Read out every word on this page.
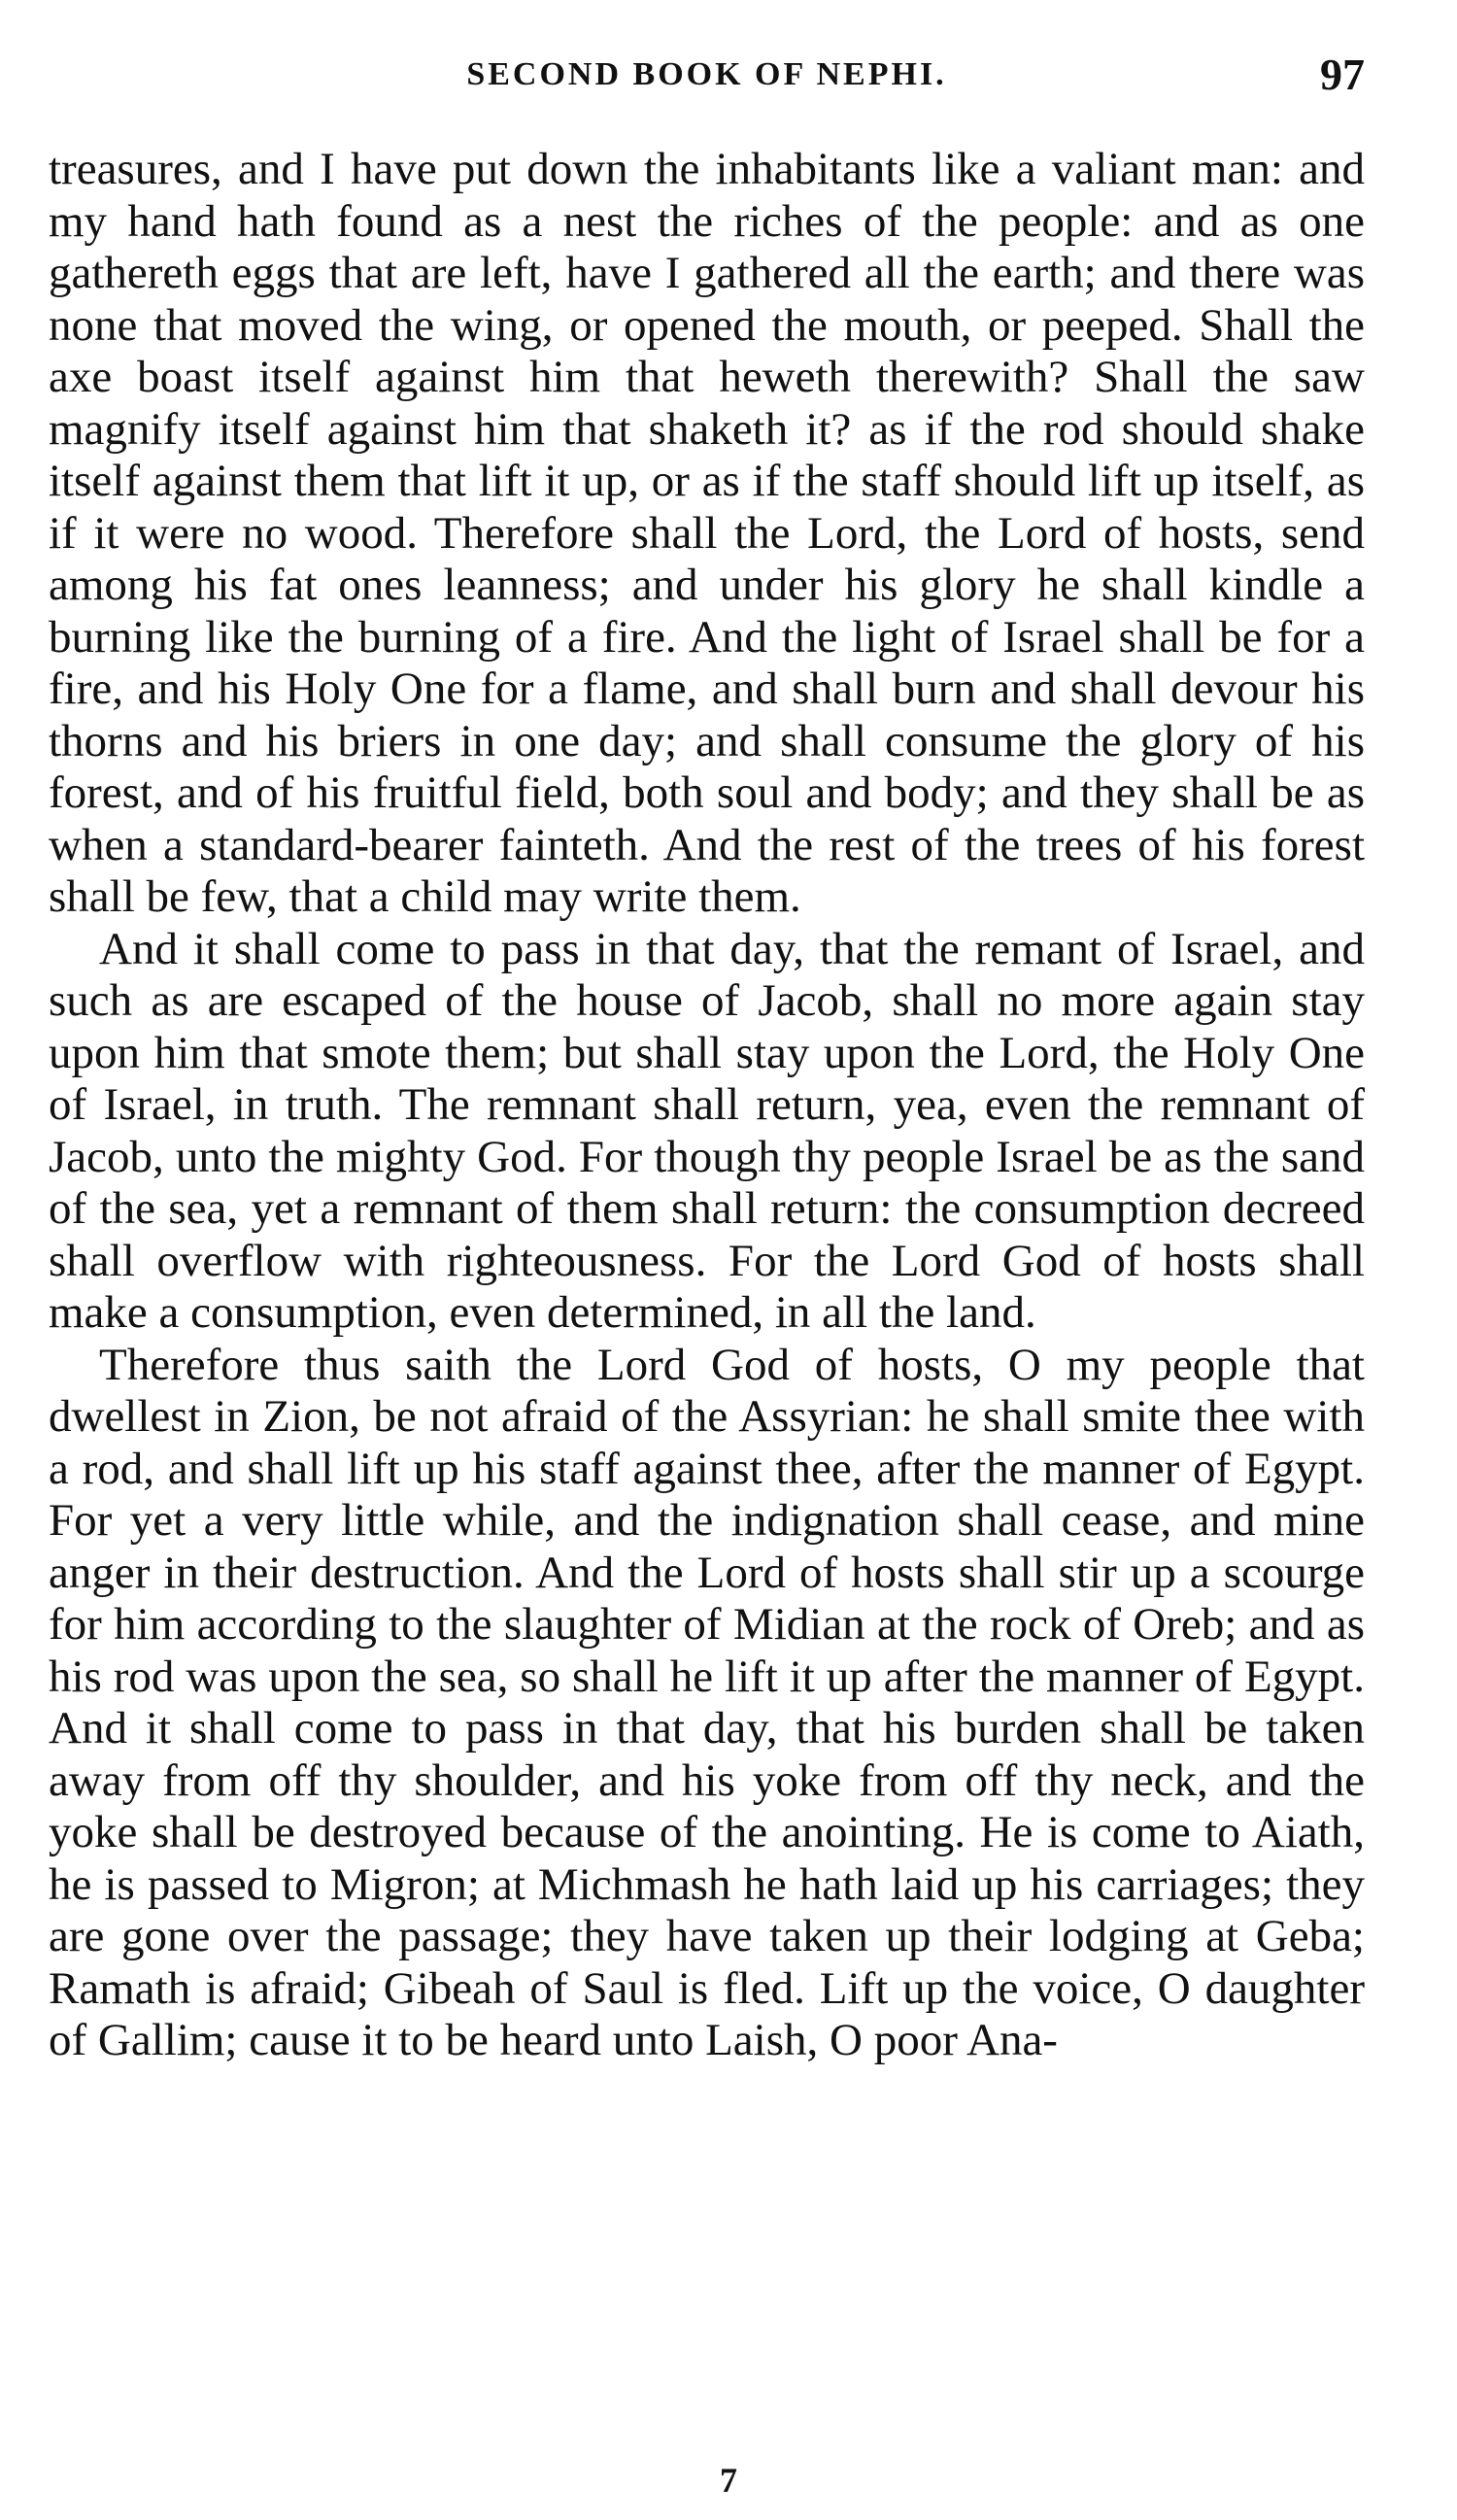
SECOND BOOK OF NEPHI.	97

treasures, and I have put down the inhabitants like a valiant man: and my hand hath found as a nest the riches of the people: and as one gathereth eggs that are left, have I gathered all the earth; and there was none that moved the wing, or opened the mouth, or peeped. Shall the axe boast itself against him that heweth therewith? Shall the saw magnify itself against him that shaketh it? as if the rod should shake itself against them that lift it up, or as if the staff should lift up itself, as if it were no wood. Therefore shall the Lord, the Lord of hosts, send among his fat ones leanness; and under his glory he shall kindle a burning like the burning of a fire. And the light of Israel shall be for a fire, and his Holy One for a flame, and shall burn and shall devour his thorns and his briers in one day; and shall consume the glory of his forest, and of his fruitful field, both soul and body; and they shall be as when a standard-bearer fainteth. And the rest of the trees of his forest shall be few, that a child may write them.

And it shall come to pass in that day, that the remant of Israel, and such as are escaped of the house of Jacob, shall no more again stay upon him that smote them; but shall stay upon the Lord, the Holy One of Israel, in truth. The remnant shall return, yea, even the remnant of Jacob, unto the mighty God. For though thy people Israel be as the sand of the sea, yet a remnant of them shall return: the consumption decreed shall overflow with righteousness. For the Lord God of hosts shall make a consumption, even determined, in all the land.

Therefore thus saith the Lord God of hosts, O my people that dwellest in Zion, be not afraid of the Assyrian: he shall smite thee with a rod, and shall lift up his staff against thee, after the manner of Egypt. For yet a very little while, and the indignation shall cease, and mine anger in their destruction. And the Lord of hosts shall stir up a scourge for him according to the slaughter of Midian at the rock of Oreb; and as his rod was upon the sea, so shall he lift it up after the manner of Egypt. And it shall come to pass in that day, that his burden shall be taken away from off thy shoulder, and his yoke from off thy neck, and the yoke shall be destroyed because of the anointing. He is come to Aiath, he is passed to Migron; at Michmash he hath laid up his carriages; they are gone over the passage; they have taken up their lodging at Geba; Ramath is afraid; Gibeah of Saul is fled. Lift up the voice, O daughter of Gallim; cause it to be heard unto Laish, O poor Ana-

7
